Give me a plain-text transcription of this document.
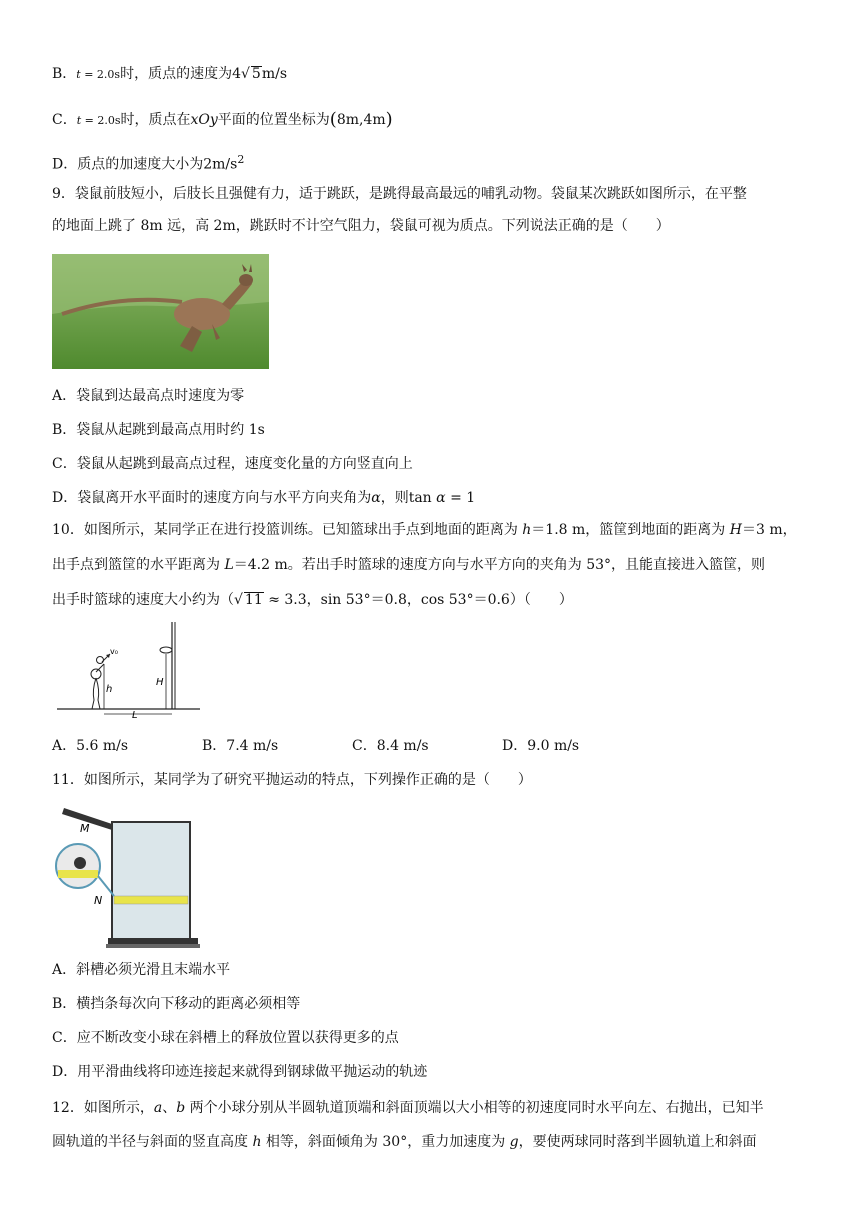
B．t = 2.0s时，质点的速度为4√ 5m/s
C．t = 2.0s时，质点在xOy平面的位置坐标为(8m,4m)
D．质点的加速度大小为$2m/s^2$
9．袋鼠前肢短小，后肢长且强健有力，适于跳跃，是跳得最高最远的哺乳动物。袋鼠某次跳跃如图所示，在平整
的地面上跳了 8m 远，高 2m，跳跃时不计空气阻力，袋鼠可视为质点。下列说法正确的是（　　）
A．袋鼠到达最高点时速度为零
B．袋鼠从起跳到最高点用时约 1s
C．袋鼠从起跳到最高点过程，速度变化量的方向竖直向上
D．袋鼠离开水平面时的速度方向与水平方向夹角为α，则tan α = 1
10．如图所示，某同学正在进行投篮训练。已知篮球出手点到地面的距离为 h＝1.8 m，篮筐到地面的距离为 H＝3 m，
出手点到篮筐的水平距离为 L＝4.2 m。若出手时篮球的速度方向与水平方向的夹角为 53°，且能直接进入篮筐，则
出手时篮球的速度大小约为（√ 11 ≈ 3.3，sin 53°＝0.8，cos 53°＝0.6）（　　）
H
v₀
h
L
A．5.6 m/s	B．7.4 m/s	C．8.4 m/s	D．9.0 m/s
11．如图所示，某同学为了研究平抛运动的特点，下列操作正确的是（　　）
M
N
A．斜槽必须光滑且末端水平
B．横挡条每次向下移动的距离必须相等
C．应不断改变小球在斜槽上的释放位置以获得更多的点
D．用平滑曲线将印迹连接起来就得到钢球做平抛运动的轨迹
12．如图所示，a、b 两个小球分别从半圆轨道顶端和斜面顶端以大小相等的初速度同时水平向左、右抛出，已知半
圆轨道的半径与斜面的竖直高度 h 相等，斜面倾角为 30°，重力加速度为 g，要使两球同时落到半圆轨道上和斜面
